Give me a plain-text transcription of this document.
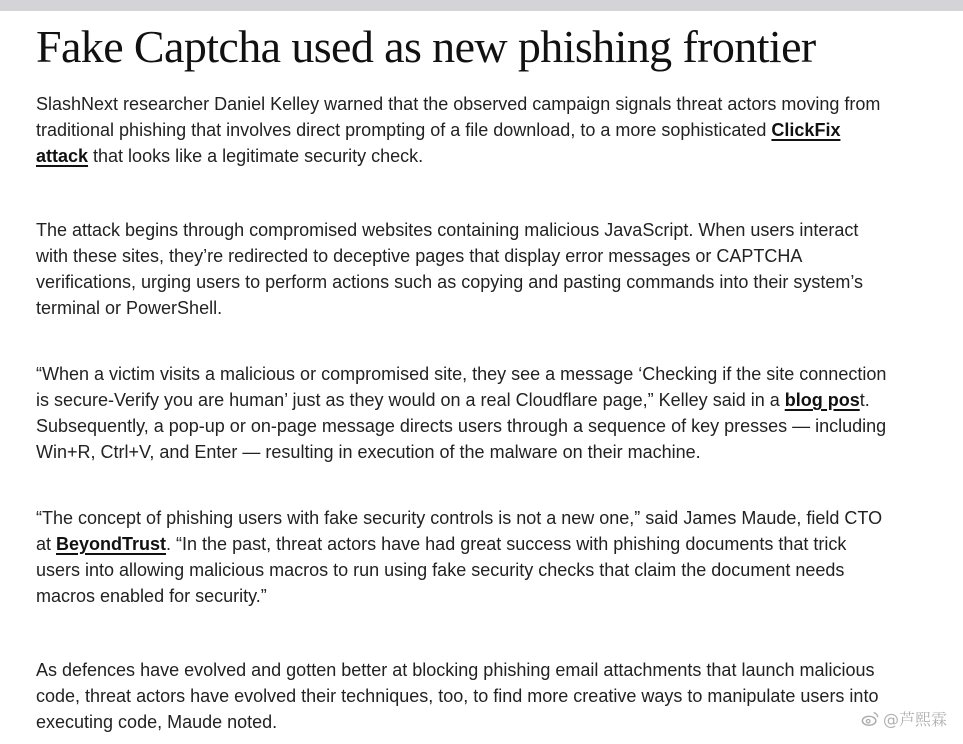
Fake Captcha used as new phishing frontier

SlashNext researcher Daniel Kelley warned that the observed campaign signals threat actors moving from
traditional phishing that involves direct prompting of a file download, to a more sophisticated ClickFix
attack that looks like a legitimate security check.

The attack begins through compromised websites containing malicious JavaScript. When users interact
with these sites, they’re redirected to deceptive pages that display error messages or CAPTCHA
verifications, urging users to perform actions such as copying and pasting commands into their system’s
terminal or PowerShell.

“When a victim visits a malicious or compromised site, they see a message ‘Checking if the site connection
is secure-Verify you are human’ just as they would on a real Cloudflare page,” Kelley said in a blog post.
Subsequently, a pop-up or on-page message directs users through a sequence of key presses — including
Win+R, Ctrl+V, and Enter — resulting in execution of the malware on their machine.

“The concept of phishing users with fake security controls is not a new one,” said James Maude, field CTO
at BeyondTrust. “In the past, threat actors have had great success with phishing documents that trick
users into allowing malicious macros to run using fake security checks that claim the document needs
macros enabled for security.”

As defences have evolved and gotten better at blocking phishing email attachments that launch malicious
code, threat actors have evolved their techniques, too, to find more creative ways to manipulate users into
executing code, Maude noted.	@芦熙霖
